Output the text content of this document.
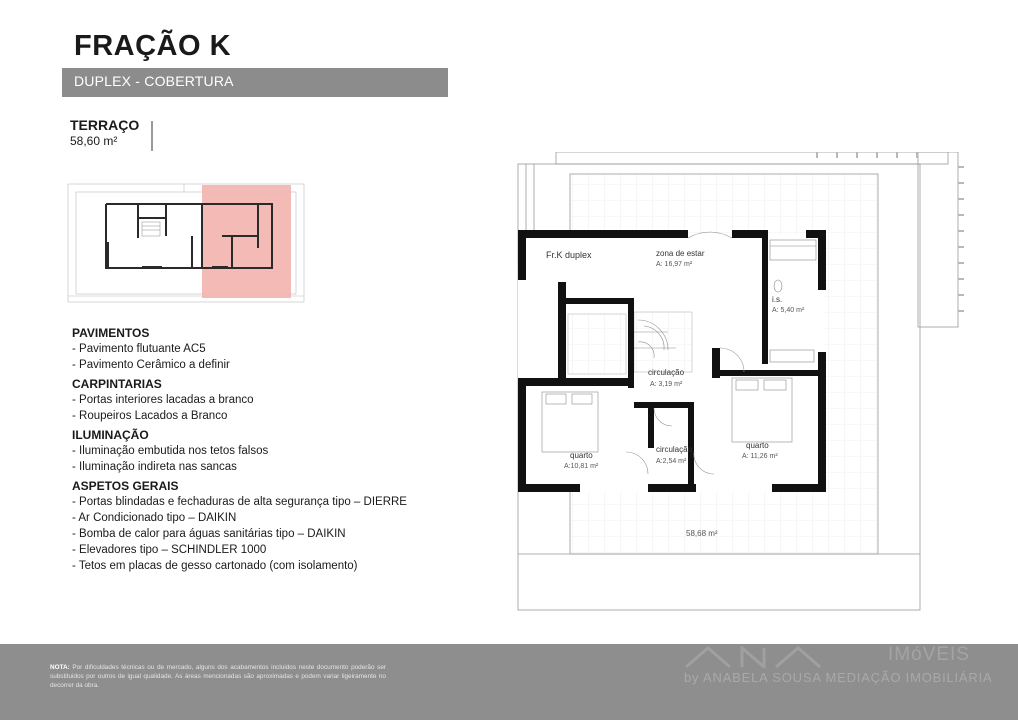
FRAÇÃO K
DUPLEX - COBERTURA
TERRAÇO
58,60 m²
PAVIMENTOS
- Pavimento flutuante AC5
- Pavimento Cerâmico a definir
CARPINTARIAS
- Portas interiores lacadas a branco
- Roupeiros Lacados a Branco
ILUMINAÇÃO
- Iluminação embutida nos tetos falsos
- Iluminação indireta nas sancas
ASPETOS GERAIS
- Portas blindadas e fechaduras de alta segurança tipo – DIERRE
- Ar Condicionado tipo – DAIKIN
- Bomba de calor para águas sanitárias tipo – DAIKIN
- Elevadores tipo – SCHINDLER 1000
- Tetos em placas de gesso cartonado (com isolamento)
Fr.K duplex	zona de estar
A: 16,97 m²
i.s.
A: 5,40 m²
circulação
A: 3,19 m²
quarto
A:10,81 m²
circulação
A:2,54 m²
quarto
A: 11,26 m²
58,68 m²
NOTA: Por dificuldades técnicas ou de mercado, alguns dos acabamentos incluidos neste documento poderão ser substituidos por outros de igual qualidade. As áreas mencionadas são aproximadas e podem variar ligeiramente no decorrer da obra.
IMóVEIS
by ANABELA SOUSA MEDIAÇÃO IMOBILIÁRIA
